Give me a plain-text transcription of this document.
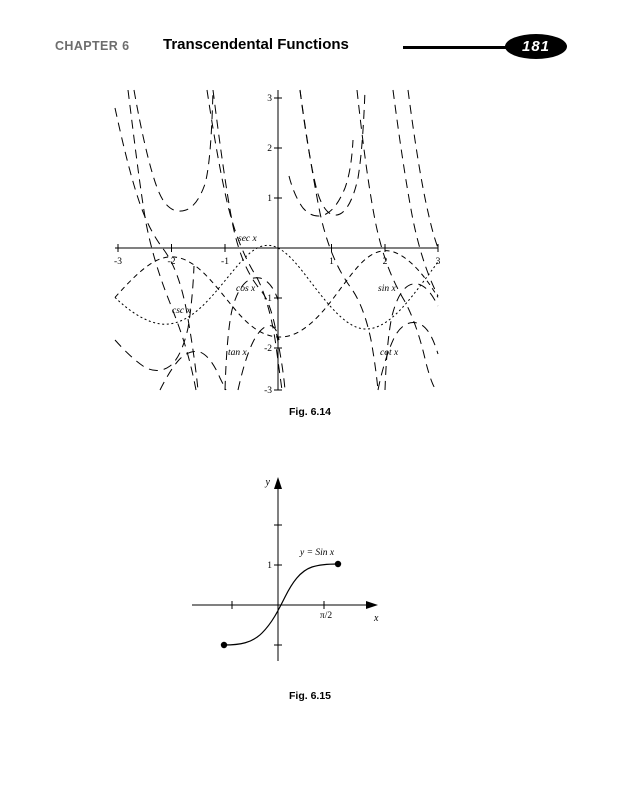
CHAPTER 6 Transcendental Functions	181
-3	-2	-1	1	2	3
3
2
1
-1
-2
-3
sec x
cos x	sin x
csc x
tan x	cot x
Fig. 6.14
y
x
1
π/2
y = Sin x
Fig. 6.15
